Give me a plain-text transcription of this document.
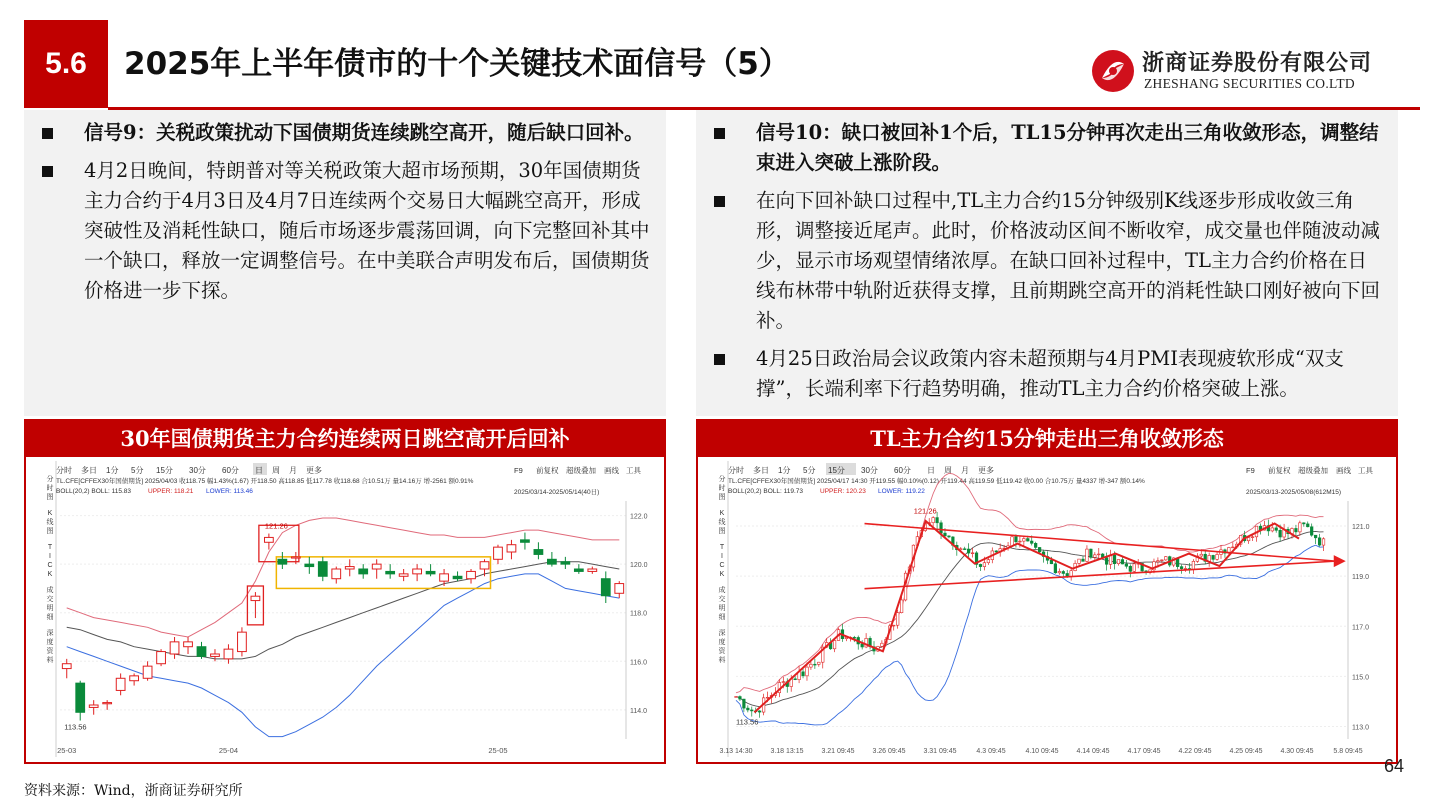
5.6	2025年上半年债市的十个关键技术面信号（5）	浙商证券股份有限公司
ZHESHANG SECURITIES CO.LTD
信号9：关税政策扰动下国债期货连续跳空高开，随后缺口回补。
4月2日晚间，特朗普对等关税政策大超市场预期，30年国债期货主力合约于4月3日及4月7日连续两个交易日大幅跳空高开，形成突破性及消耗性缺口，随后市场逐步震荡回调，向下完整回补其中一个缺口，释放一定调整信号。在中美联合声明发布后，国债期货价格进一步下探。
信号10：缺口被回补1个后，TL15分钟再次走出三角收敛形态，调整结束进入突破上涨阶段。
在向下回补缺口过程中,TL主力合约15分钟级别K线逐步形成收敛三角形，调整接近尾声。此时，价格波动区间不断收窄，成交量也伴随波动减少，显示市场观望情绪浓厚。在缺口回补过程中，TL主力合约价格在日线布林带中轨附近获得支撑，且前期跳空高开的消耗性缺口刚好被向下回补。
4月25日政治局会议政策内容未超预期与4月PMI表现疲软形成“双支撑”，长端利率下行趋势明确，推动TL主力合约价格突破上涨。
30年国债期货主力合约连续两日跳空高开后回补	TL主力合约15分钟走出三角收敛形态
分时 多日 1分 5分 15分 30分 60分 日 周 月 更多	F9 前复权 超级叠加 画线 工具
TL.CFE[CFFEX30年国债期货] 2025/04/03 收118.75 幅1.43%(1.67) 开118.50 高118.85 低117.78 收118.68 合10.51万 量14.16万 增-2561 额0.91%
BOLL(20,2) BOLL: 115.83	UPPER: 118.21 LOWER: 113.46	2025/03/14-2025/05/14(40日)
分
时
图
K
线
图
T
I
C
K
成
交
明
细
深
度
资
料
114.0
116.0
118.0
120.0
122.0
121.26
113.56
25-03	25-04	25-05
分时 多日 1分 5分 15分 30分 60分 日 周 月 更多	F9 前复权 超级叠加 画线 工具
TL.CFE[CFFEX30年国债期货] 2025/04/17 14:30 开119.55 幅0.10%(0.12) 开119.44 高119.59 低119.42 收0.00 合10.75万 量4337 增-347 额0.14%
BOLL(20,2) BOLL: 119.73	UPPER: 120.23 LOWER: 119.22	2025/03/13-2025/05/08(612M15)
分
时
图
K
线
图
T
I
C
K
成
交
明
细
深
度
资
料
113.0
115.0
117.0
119.0
121.0
121.26
113.56
3.13 14:30	3.18 13:15	3.21 09:45	3.26 09:45	3.31 09:45	4.3 09:45	4.10 09:45	4.14 09:45	4.17 09:45	4.22 09:45	4.25 09:45	4.30 09:45	5.8 09:45
资料来源：Wind，浙商证券研究所
64
